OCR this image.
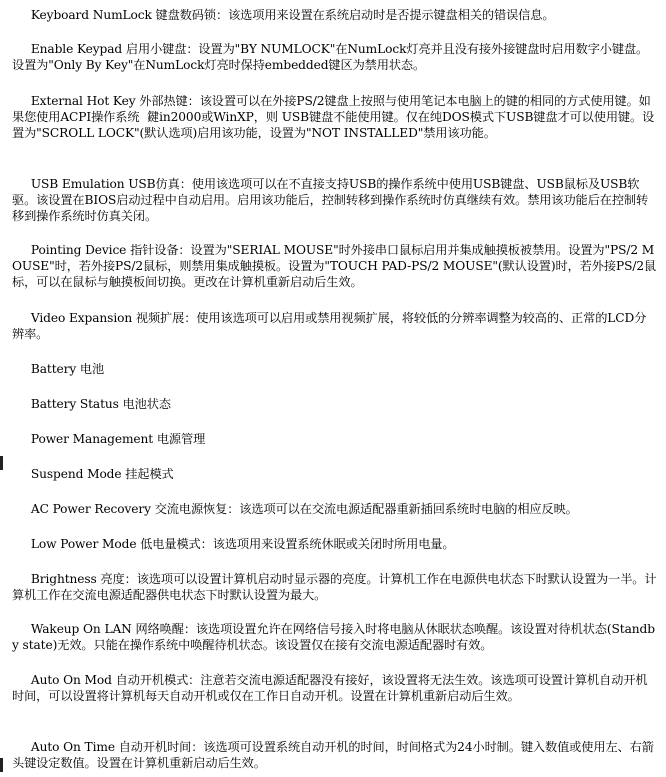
Keyboard NumLock 键盘数码锁：该选项用来设置在系统启动时是否提示键盘相关的错误信息。
Enable Keypad 启用小键盘：设置为"BY NUMLOCK"在NumLock灯亮并且没有接外接键盘时启用数字小键盘。设置为"Only By Key"在NumLock灯亮时保持embedded键区为禁用状态。
External Hot Key 外部热键：该设置可以在外接PS/2键盘上按照与使用笔记本电脑上的键的相同的方式使用键。如果您使用ACPI操作系统  鍵in2000或WinXP，则 USB键盘不能使用键。仅在纯DOS模式下USB键盘才可以使用键。设置为"SCROLL LOCK"(默认选项)启用该功能，设置为"NOT INSTALLED"禁用该功能。
USB Emulation USB仿真：使用该选项可以在不直接支持USB的操作系统中使用USB键盘、USB鼠标及USB软驱。该设置在BIOS启动过程中自动启用。启用该功能后，控制转移到操作系统时仿真继续有效。禁用该功能后在控制转移到操作系统时仿真关闭。
Pointing Device 指针设备：设置为"SERIAL MOUSE"时外接串口鼠标启用并集成触摸板被禁用。设置为"PS/2 MOUSE"时，若外接PS/2鼠标，则禁用集成触摸板。设置为"TOUCH PAD-PS/2 MOUSE"(默认设置)时，若外接PS/2鼠标，可以在鼠标与触摸板间切换。更改在计算机重新启动后生效。
Video Expansion 视频扩展：使用该选项可以启用或禁用视频扩展，将较低的分辨率调整为较高的、正常的LCD分辨率。
Battery 电池
Battery Status 电池状态
Power Management 电源管理
Suspend Mode 挂起模式
AC Power Recovery 交流电源恢复：该选项可以在交流电源适配器重新插回系统时电脑的相应反映。
Low Power Mode 低电量模式：该选项用来设置系统休眠或关闭时所用电量。
Brightness 亮度：该选项可以设置计算机启动时显示器的亮度。计算机工作在电源供电状态下时默认设置为一半。计算机工作在交流电源适配器供电状态下时默认设置为最大。
Wakeup On LAN 网络唤醒：该选项设置允许在网络信号接入时将电脑从休眠状态唤醒。该设置对待机状态(Standby state)无效。只能在操作系统中唤醒待机状态。该设置仅在接有交流电源适配器时有效。
Auto On Mod 自动开机模式：注意若交流电源适配器没有接好，该设置将无法生效。该选项可设置计算机自动开机时间，可以设置将计算机每天自动开机或仅在工作日自动开机。设置在计算机重新启动后生效。
Auto On Time 自动开机时间：该选项可设置系统自动开机的时间，时间格式为24小时制。键入数值或使用左、右箭头键设定数值。设置在计算机重新启动后生效。
